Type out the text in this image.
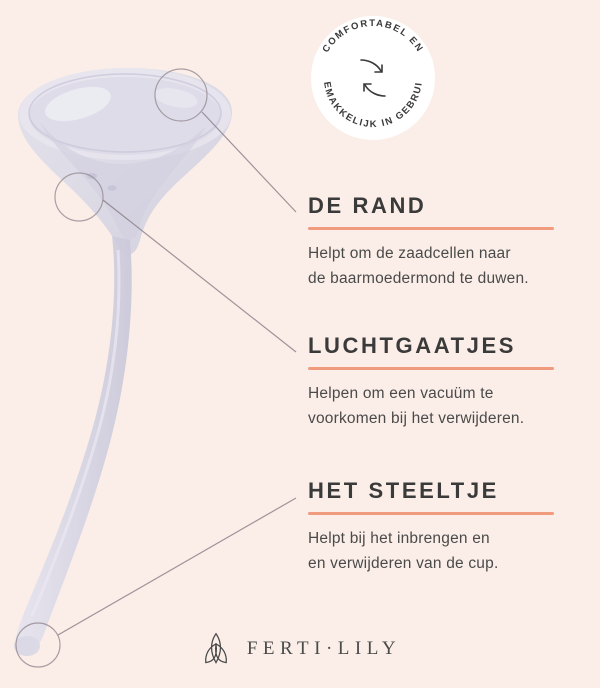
COMFORTABEL EN
EMAKKELIJK IN GEBRUI
DE RAND

Helpt om de zaadcellen naar
de baarmoedermond te duwen.

LUCHTGAATJES

Helpen om een vacuüm te
voorkomen bij het verwijderen.

HET STEELTJE

Helpt bij het inbrengen en
en verwijderen van de cup.

FERTI·LILY
